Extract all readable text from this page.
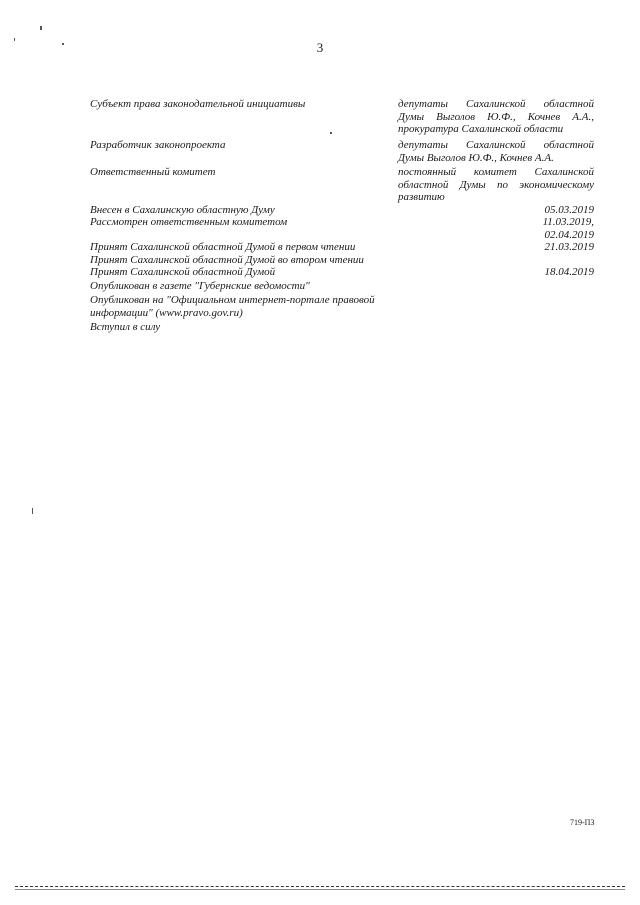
3
Субъект права законодательной инициативы	депутаты Сахалинской областной
Думы Выголов Ю.Ф., Кочнев А.А.,
прокуратура Сахалинской области
Разработчик законопроекта	депутаты Сахалинской областной
Думы Выголов Ю.Ф., Кочнев А.А.
Ответственный комитет	постоянный комитет Сахалинской
областной Думы по экономическому
развитию
Внесен в Сахалинскую областную Думу	05.03.2019
Рассмотрен ответственным комитетом	11.03.2019,
02.04.2019
Принят Сахалинской областной Думой в первом чтении	21.03.2019
Принят Сахалинской областной Думой во втором чтении
Принят Сахалинской областной Думой	18.04.2019
Опубликован в газете "Губернские ведомости"
Опубликован на "Официальном интернет-портале правовой
информации" (www.pravo.gov.ru)
Вступил в силу
719-ПЗ
